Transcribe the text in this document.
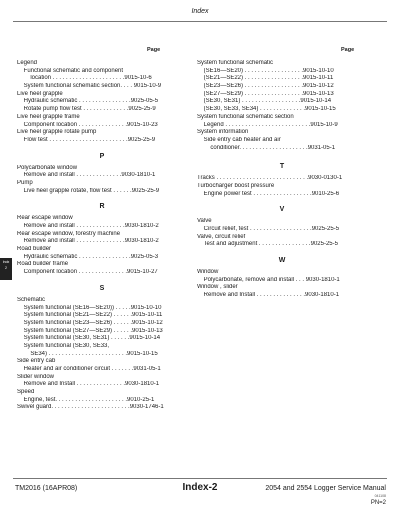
Index
Page	Page
Legend
Functional schematic and component
location . . . . . . . . . . . . . . . . . . . . . .9015-10-6
System functional schematic section. . . . 9015-10-9
Live heel grapple
Hydraulic schematic . . . . . . . . . . . . . . . .9025-05-5
Rotate pump flow test . . . . . . . . . . . . . .9025-25-9
Live heel grapple frame
Component location . . . . . . . . . . . . . . .9015-10-23
Live heel grapple rotate pump
Flow test . . . . . . . . . . . . . . . . . . . . . . . .9025-25-9
P
Polycarbonate window
Remove and install . . . . . . . . . . . . . .9030-1810-1
Pump
Live heel grapple rotate, flow test . . . . . .9025-25-9
R
Rear escape window
Remove and install . . . . . . . . . . . . . . .9030-1810-2
Rear escape window, forestry machine
Remove and install . . . . . . . . . . . . . . .9030-1810-2
Road builder
Hydraulic schematic . . . . . . . . . . . . . . . .9025-05-3
Road builder frame
Component location . . . . . . . . . . . . . . .9015-10-27
S
Schematic
System functional (SE16—SE20)) . . . . .9015-10-10
System functional (SE21—SE22) . . . . . .9015-10-11
System functional (SE23—SE26) . . . . . .9015-10-12
System functional (SE27—SE29) . . . . . .9015-10-13
System functional (SE30, SE31) . . . . . .9015-10-14
System functional (SE30, SE33,
SE34) . . . . . . . . . . . . . . . . . . . . . . . .9015-10-15
Side entry cab
Heater and air conditioner circuit . . . . . . .9031-05-1
Slider window
Remove and Install . . . . . . . . . . . . . . .9030-1810-1
Speed
Engine, test. . . . . . . . . . . . . . . . . . . . . .9010-25-1
Swivel guard. . . . . . . . . . . . . . . . . . . . . . . .9030-1746-1
System functional schematic
(SE16—SE20) . . . . . . . . . . . . . . . . . .9015-10-10
(SE21—SE22) . . . . . . . . . . . . . . . . . .9015-10-11
(SE23—SE26) . . . . . . . . . . . . . . . . . .9015-10-12
(SE27—SE29) . . . . . . . . . . . . . . . . . .9015-10-13
(SE30, SE31) . . . . . . . . . . . . . . . . . .9015-10-14
(SE30, SE33, SE34) . . . . . . . . . . . . . .9015-10-15
System functional schematic section
Legend . . . . . . . . . . . . . . . . . . . . . . . . . .9015-10-9
System information
Side entry cab heater and air
conditioner. . . . . . . . . . . . . . . . . . . . .9031-05-1
T
Tracks . . . . . . . . . . . . . . . . . . . . . . . . . . . .9030-0130-1
Turbocharger boost pressure
Engine power test . . . . . . . . . . . . . . . . . .9010-25-6
V
Valve
Circuit relief, test . . . . . . . . . . . . . . . . . . .9025-25-5
Valve, circuit relief
Test and adjustment . . . . . . . . . . . . . . . .9025-25-5
W
Window
Polycarbonate, remove and install . . . 9030-1810-1
Window , slider
Remove and Install . . . . . . . . . . . . . . .9030-1810-1
Indx
2
TM2016 (16APR08)	Index-2	2054 and 2554 Logger Service Manual
041108
PN=2
